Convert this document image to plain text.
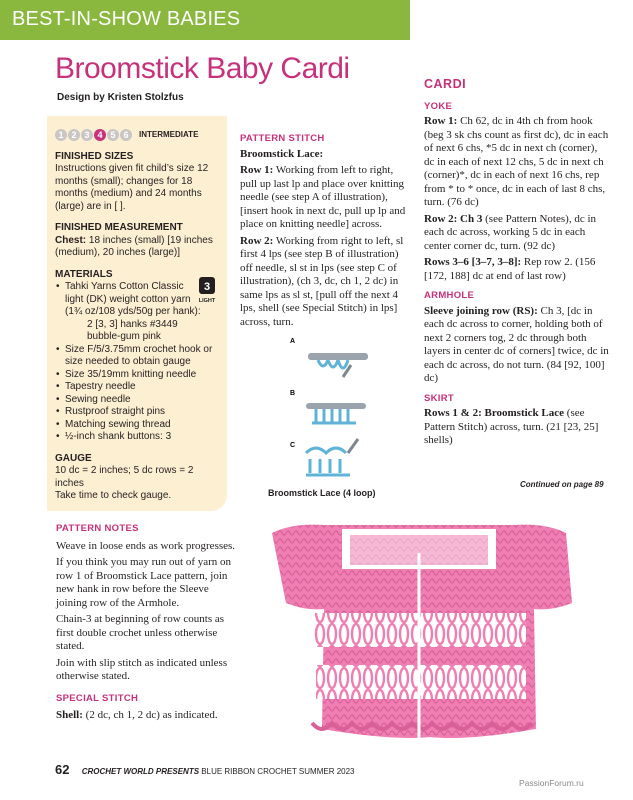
BEST-IN-SHOW BABIES
Broomstick Baby Cardi
Design by Kristen Stolzfus
1 2 3 4 5 6	INTERMEDIATE
FINISHED SIZES

Instructions given fit child’s size 12 months (small); changes for 18 months (medium) and 24 months (large) are in [ ].

FINISHED MEASUREMENT

Chest: 18 inches (small) [19 inches (medium), 20 inches (large)]

MATERIALS
• Tahki Yarns Cotton Classic light (DK) weight cotton yarn (1¾ oz/108 yds/50g per hank):
2 [3, 3] hanks #3449 bubble-gum pink
• Size F/5/3.75mm crochet hook or size needed to obtain gauge
• Size 35/19mm knitting needle
• Tapestry needle
• Sewing needle
• Rustproof straight pins
• Matching sewing thread
• ½-inch shank buttons: 3
GAUGE

10 dc = 2 inches; 5 dc rows = 2 inches

Take time to check gauge.

3
LIGHT
PATTERN STITCH

Broomstick Lace:

Row 1: Working from left to right, pull up last lp and place over knitting needle (see step A of illustration), [insert hook in next dc, pull up lp and place on knitting needle] across.

Row 2: Working from right to left, sl first 4 lps (see step B of illustration) off needle, sl st in lps (see step C of illustration), (ch 3, dc, ch 1, 2 dc) in same lps as sl st, [pull off the next 4 lps, shell (see Special Stitch) in lps] across, turn.

A
B
C
Broomstick Lace (4 loop)
CARDI
YOKE

Row 1: Ch 62, dc in 4th ch from hook (beg 3 sk chs count as first dc), dc in each of next 6 chs, *5 dc in next ch (corner), dc in each of next 12 chs, 5 dc in next ch (corner)*, dc in each of next 16 chs, rep from * to * once, dc in each of last 8 chs, turn. (76 dc)

Row 2: Ch 3 (see Pattern Notes), dc in each dc across, working 5 dc in each center corner dc, turn. (92 dc)

Rows 3–6 [3–7, 3–8]: Rep row 2. (156 [172, 188] dc at end of last row)

ARMHOLE

Sleeve joining row (RS): Ch 3, [dc in each dc across to corner, holding both of next 2 corners tog, 2 dc through both layers in center dc of corners] twice, dc in each dc across, do not turn. (84 [92, 100] dc)

SKIRT

Rows 1 & 2: Broomstick Lace (see Pattern Stitch) across, turn. (21 [23, 25] shells)

Continued on page 89
PATTERN NOTES

Weave in loose ends as work progresses.

If you think you may run out of yarn on row 1 of Broomstick Lace pattern, join new hank in row before the Sleeve joining row of the Armhole.

Chain-3 at beginning of row counts as first double crochet unless otherwise stated.

Join with slip stitch as indicated unless otherwise stated.

SPECIAL STITCH

Shell: (2 dc, ch 1, 2 dc) as indicated.

62 CROCHET WORLD PRESENTS BLUE RIBBON CROCHET SUMMER 2023
PassionForum.ru
